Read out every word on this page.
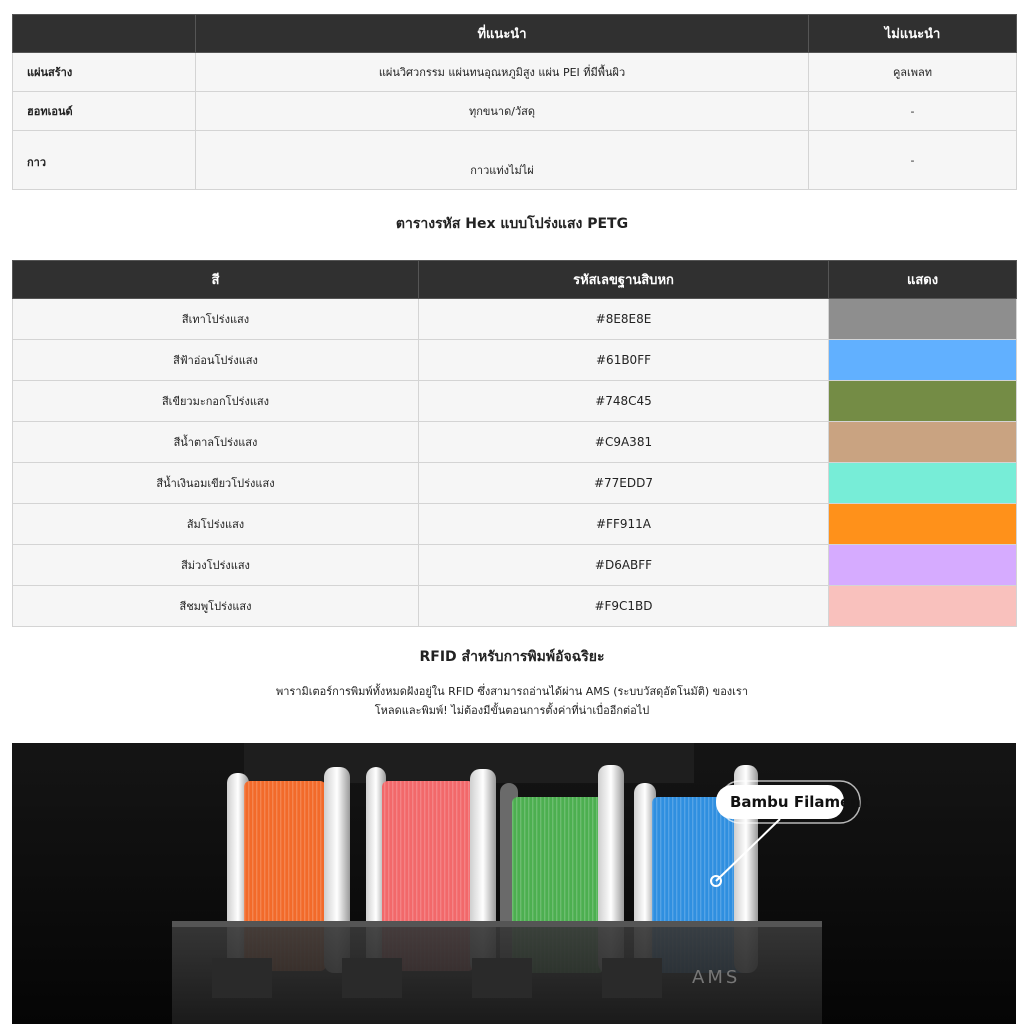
	ที่แนะนำ	ไม่แนะนำ
แผ่นสร้าง	แผ่นวิศวกรรม แผ่นทนอุณหภูมิสูง แผ่น PEI ที่มีพื้นผิว	คูลเพลท
ฮอทเอนด์	ทุกขนาด/วัสดุ	-
กาว	กาวแท่งไม่ไผ่	-
ตารางรหัส Hex แบบโปร่งแสง PETG
สี	รหัสเลขฐานสิบหก	แสดง
สีเทาโปร่งแสง	#8E8E8E	

สีฟ้าอ่อนโปร่งแสง	#61B0FF	

สีเขียวมะกอกโปร่งแสง	#748C45	

สีน้ำตาลโปร่งแสง	#C9A381	

สีน้ำเงินอมเขียวโปร่งแสง	#77EDD7	

ส้มโปร่งแสง	#FF911A	

สีม่วงโปร่งแสง	#D6ABFF	

สีชมพูโปร่งแสง	#F9C1BD	
RFID สำหรับการพิมพ์อัจฉริยะ
พารามิเตอร์การพิมพ์ทั้งหมดฝังอยู่ใน RFID ซึ่งสามารถอ่านได้ผ่าน AMS (ระบบวัสดุอัตโนมัติ) ของเรา
โหลดและพิมพ์! ไม่ต้องมีขั้นตอนการตั้งค่าที่น่าเบื่ออีกต่อไป
AMS
Bambu Filament
